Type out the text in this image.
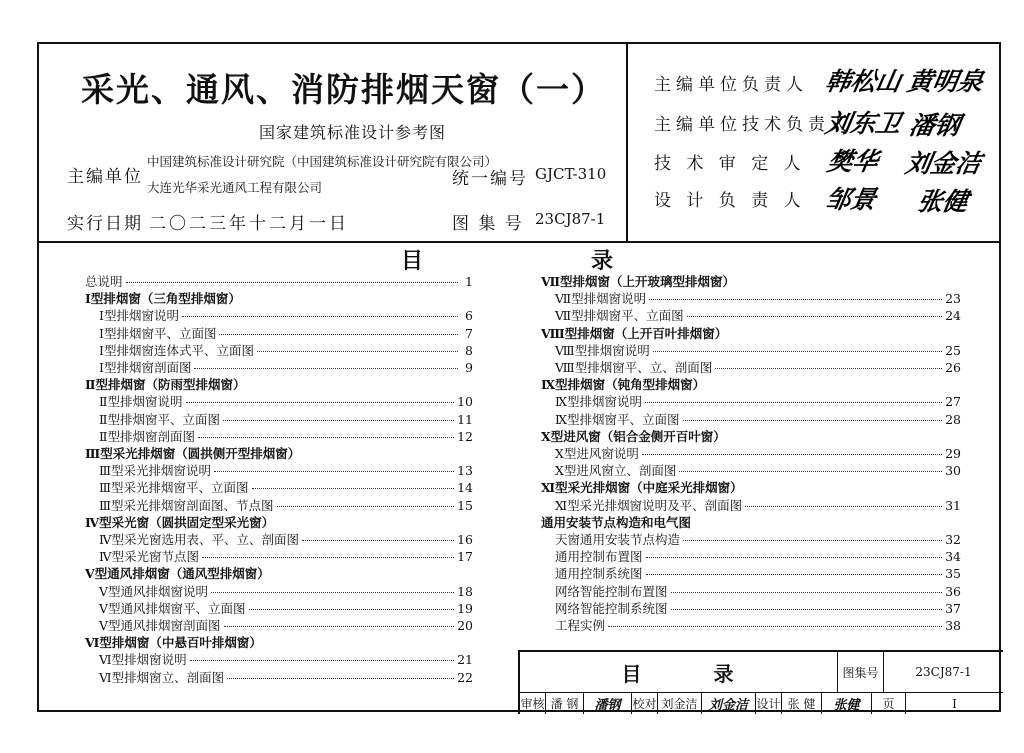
采光、通风、消防排烟天窗（一）
国家建筑标准设计参考图
主编单位
中国建筑标准设计研究院（中国建筑标准设计研究院有限公司）
大连光华采光通风工程有限公司	统一编号 GJCT-310
实行日期 二〇二三年十二月一日	图 集 号 23CJ87-1
主编单位负责人 韩松山 黄明泉
主编单位技术负责人
刘东卫 潘钢
技 术 审 定 人 樊华 刘金洁
设 计 负 责 人 邹景 张健
目	录
总说明	1
Ⅰ型排烟窗（三角型排烟窗）
Ⅰ型排烟窗说明	6
Ⅰ型排烟窗平、立面图	7
Ⅰ型排烟窗连体式平、立面图	8
Ⅰ型排烟窗剖面图	9
Ⅱ型排烟窗（防雨型排烟窗）
Ⅱ型排烟窗说明	10
Ⅱ型排烟窗平、立面图	11
Ⅱ型排烟窗剖面图	12
Ⅲ型采光排烟窗（圆拱侧开型排烟窗）
Ⅲ型采光排烟窗说明	13
Ⅲ型采光排烟窗平、立面图	14
Ⅲ型采光排烟窗剖面图、节点图	15
Ⅳ型采光窗（圆拱固定型采光窗）
Ⅳ型采光窗选用表、平、立、剖面图	16
Ⅳ型采光窗节点图	17
Ⅴ型通风排烟窗（通风型排烟窗）
Ⅴ型通风排烟窗说明	18
Ⅴ型通风排烟窗平、立面图	19
Ⅴ型通风排烟窗剖面图	20
Ⅵ型排烟窗（中悬百叶排烟窗）
Ⅵ型排烟窗说明	21
Ⅵ型排烟窗立、剖面图	22
Ⅶ型排烟窗（上开玻璃型排烟窗）
Ⅶ型排烟窗说明	23
Ⅶ型排烟窗平、立面图	24
Ⅷ型排烟窗（上开百叶排烟窗）
Ⅷ型排烟窗说明	25
Ⅷ型排烟窗平、立、剖面图	26
Ⅸ型排烟窗（钝角型排烟窗）
Ⅸ型排烟窗说明	27
Ⅸ型排烟窗平、立面图	28
Ⅹ型进风窗（铝合金侧开百叶窗）
Ⅹ型进风窗说明	29
Ⅹ型进风窗立、剖面图	30
Ⅺ型采光排烟窗（中庭采光排烟窗）
Ⅺ型采光排烟窗说明及平、剖面图	31
通用安装节点构造和电气图
天窗通用安装节点构造	32
通用控制布置图	34
通用控制系统图	35
网络智能控制布置图	36
网络智能控制系统图	37
工程实例	38
目	录	图集号	23CJ87-1
审核 潘 钢	潘钢 校对 刘金洁 刘金洁 设计 张 健	张健	页	I
